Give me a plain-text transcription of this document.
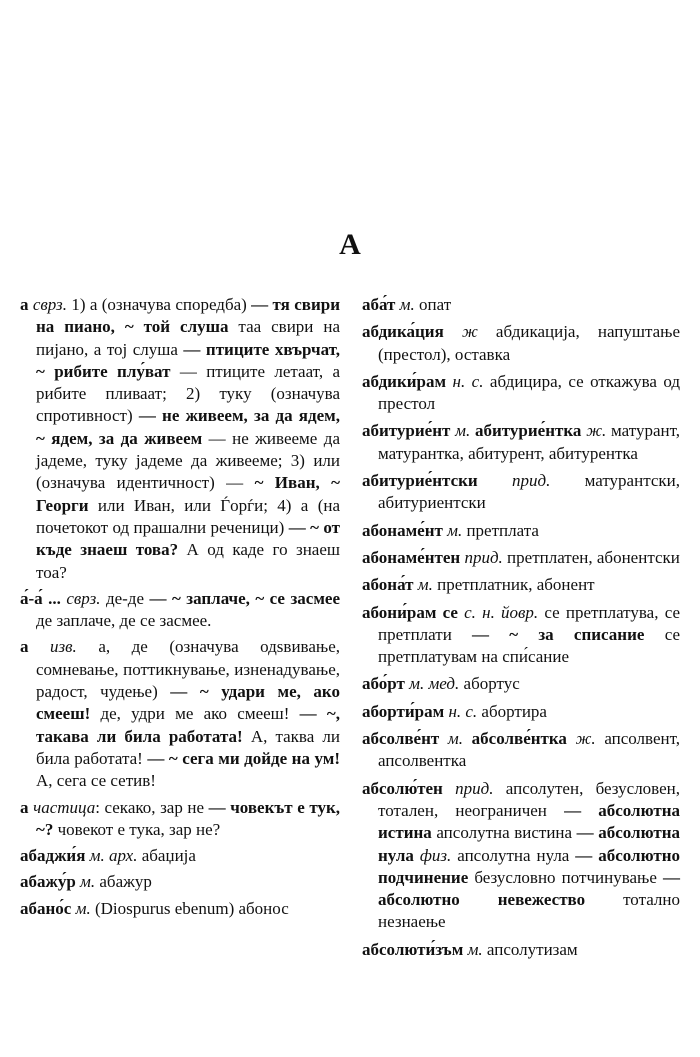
А
а сврз. 1) а (означува споредба) — тя свири на пиано, ~ той слуша таа свири на пијано, а тој слуша — птиците хвърчат, ~ рибите плу́ват — птиците летаат, а рибите пливаат; 2) туку (означува спротивност) — не живеем, за да ядем, ~ ядем, за да живеем — не живееме да јадеме, туку јадеме да живееме; 3) или (означува идентичност) — ~ Иван, ~ Георги или Иван, или Ѓорѓи; 4) а (на почетокот од прашални реченици) — ~ от къде знаеш това? А од каде го знаеш тоа?
а́-а́ ... сврз. де-де — ~ заплаче, ~ се засмее де заплаче, де се засмее.
а изв. а, де (означува одѕвивање, сомневање, поттикнување, изненадување, радост, чудење) — ~ удари ме, ако смееш! де, удри ме ако смееш! — ~, такава ли била работата! А, таква ли била работата! — ~ сега ми дойде на ум! А, сега се сетив!
а частица: секако, зар не — човекът е тук, ~? човекот е тука, зар не?
абаджи́я м. арх. абаџија
абажу́р м. абажур
абано́с м. (Diospurus ebenum) абонос
аба́т м. опат
абдика́ция ж абдикација, напуштање (престол), оставка
абдики́рам н. с. абдицира, се откажува од престол
абитурие́нт м. абитурие́нтка ж. матурант, матурантка, абитурент, абитурентка
абитурие́нтски прид. матурантски, абитуриентски
абонаме́нт м. претплата
абонаме́нтен прид. претплатен, абонентски
абона́т м. претплатник, абонент
абони́рам се с. н. йовр. се претплатува, се претплати — ~ за списание се претплатувам на спи́сание
або́рт м. мед. абортус
аборти́рам н. с. абортира
абсолве́нт м. абсолве́нтка ж. апсолвент, апсолвентка
абсолю́тен прид. апсолутен, безусловен, тотален, неограничен — абсолютна истина апсолутна вистина — абсолютна нула физ. апсолутна нула — абсолютно подчинение безусловно потчинување — абсолютно невежество тотално незнаење
абсолюти́зъм м. апсолутизам
